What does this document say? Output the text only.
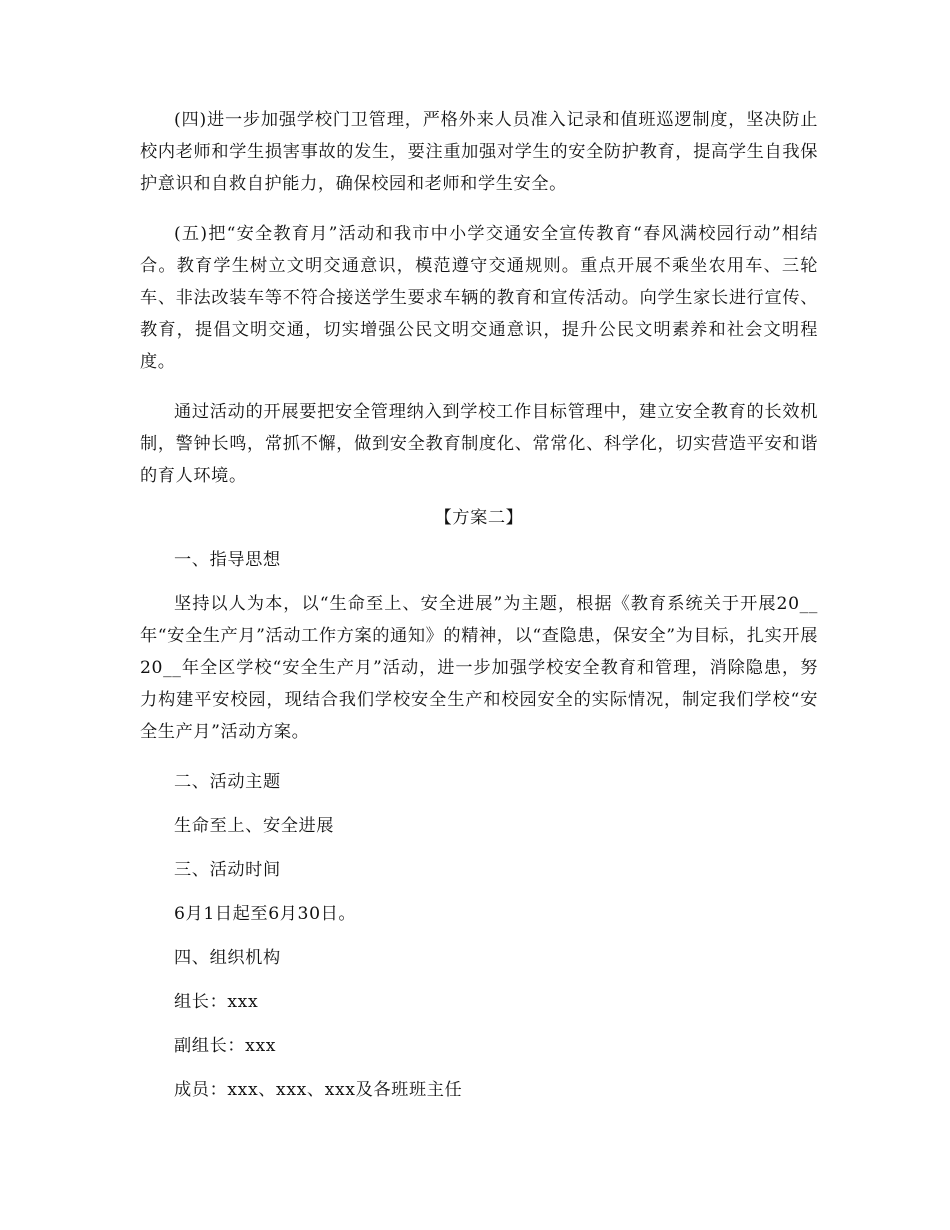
(四)进一步加强学校门卫管理，严格外来人员准入记录和值班巡逻制度，坚决防止校内老师和学生损害事故的发生，要注重加强对学生的安全防护教育，提高学生自我保护意识和自救自护能力，确保校园和老师和学生安全。

(五)把“安全教育月”活动和我市中小学交通安全宣传教育“春风满校园行动”相结合。教育学生树立文明交通意识，模范遵守交通规则。重点开展不乘坐农用车、三轮车、非法改装车等不符合接送学生要求车辆的教育和宣传活动。向学生家长进行宣传、教育，提倡文明交通，切实增强公民文明交通意识，提升公民文明素养和社会文明程度。

通过活动的开展要把安全管理纳入到学校工作目标管理中，建立安全教育的长效机制，警钟长鸣，常抓不懈，做到安全教育制度化、常常化、科学化，切实营造平安和谐的育人环境。

【方案二】

一、指导思想

坚持以人为本，以“生命至上、安全进展”为主题，根据《教育系统关于开展20__年“安全生产月”活动工作方案的通知》的精神，以“查隐患，保安全”为目标，扎实开展20__年全区学校“安全生产月”活动，进一步加强学校安全教育和管理，消除隐患，努力构建平安校园，现结合我们学校安全生产和校园安全的实际情况，制定我们学校“安全生产月”活动方案。

二、活动主题

生命至上、安全进展

三、活动时间

6月1日起至6月30日。

四、组织机构

组长：xxx

副组长：xxx

成员：xxx、xxx、xxx及各班班主任
